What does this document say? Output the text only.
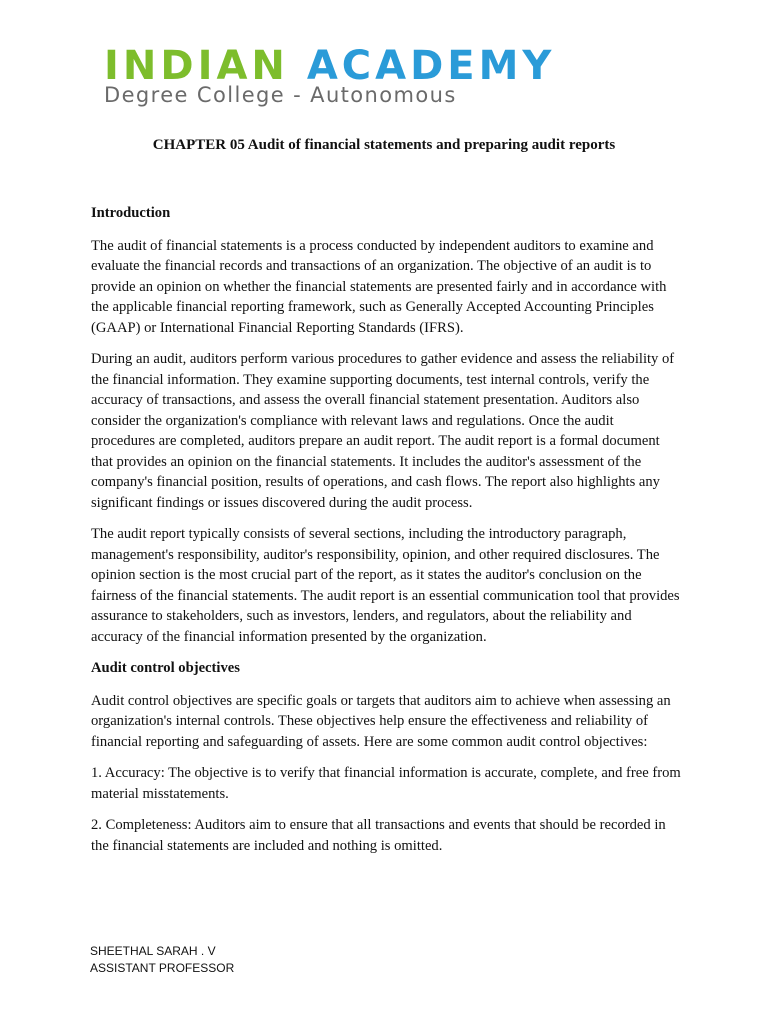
INDIAN ACADEMY
Degree College - Autonomous
CHAPTER 05 Audit of financial statements and preparing audit reports
Introduction

The audit of financial statements is a process conducted by independent auditors to examine and evaluate the financial records and transactions of an organization. The objective of an audit is to provide an opinion on whether the financial statements are presented fairly and in accordance with the applicable financial reporting framework, such as Generally Accepted Accounting Principles (GAAP) or International Financial Reporting Standards (IFRS).

During an audit, auditors perform various procedures to gather evidence and assess the reliability of the financial information. They examine supporting documents, test internal controls, verify the accuracy of transactions, and assess the overall financial statement presentation. Auditors also consider the organization's compliance with relevant laws and regulations. Once the audit procedures are completed, auditors prepare an audit report. The audit report is a formal document that provides an opinion on the financial statements. It includes the auditor's assessment of the company's financial position, results of operations, and cash flows. The report also highlights any significant findings or issues discovered during the audit process.

The audit report typically consists of several sections, including the introductory paragraph, management's responsibility, auditor's responsibility, opinion, and other required disclosures. The opinion section is the most crucial part of the report, as it states the auditor's conclusion on the fairness of the financial statements. The audit report is an essential communication tool that provides assurance to stakeholders, such as investors, lenders, and regulators, about the reliability and accuracy of the financial information presented by the organization.

Audit control objectives

Audit control objectives are specific goals or targets that auditors aim to achieve when assessing an organization's internal controls. These objectives help ensure the effectiveness and reliability of financial reporting and safeguarding of assets. Here are some common audit control objectives:

1. Accuracy: The objective is to verify that financial information is accurate, complete, and free from material misstatements.

2. Completeness: Auditors aim to ensure that all transactions and events that should be recorded in the financial statements are included and nothing is omitted.

SHEETHAL SARAH . V
ASSISTANT PROFESSOR
